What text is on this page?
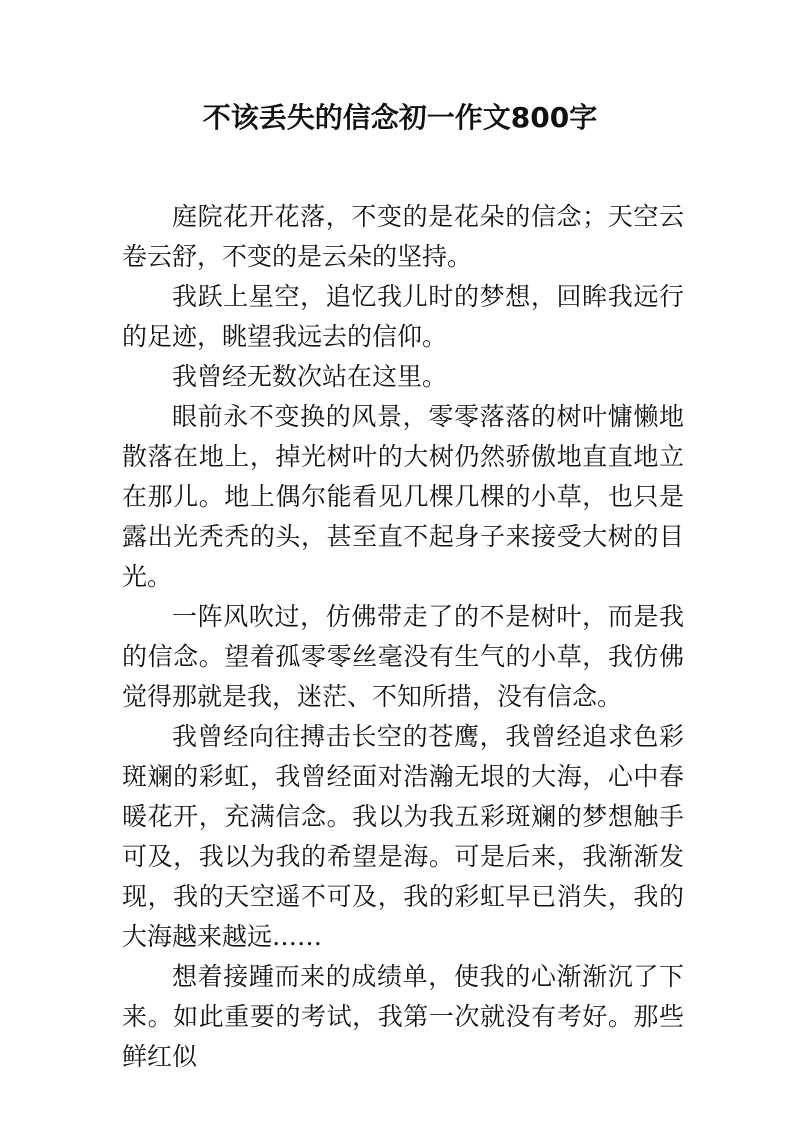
不该丢失的信念初一作文800字

庭院花开花落，不变的是花朵的信念；天空云卷云舒，不变的是云朵的坚持。

我跃上星空，追忆我儿时的梦想，回眸我远行的足迹，眺望我远去的信仰。

我曾经无数次站在这里。

眼前永不变换的风景，零零落落的树叶慵懒地散落在地上，掉光树叶的大树仍然骄傲地直直地立在那儿。地上偶尔能看见几棵几棵的小草，也只是露出光秃秃的头，甚至直不起身子来接受大树的目光。

一阵风吹过，仿佛带走了的不是树叶，而是我的信念。望着孤零零丝毫没有生气的小草，我仿佛觉得那就是我，迷茫、不知所措，没有信念。

我曾经向往搏击长空的苍鹰，我曾经追求色彩斑斓的彩虹，我曾经面对浩瀚无垠的大海，心中春暖花开，充满信念。我以为我五彩斑斓的梦想触手可及，我以为我的希望是海。可是后来，我渐渐发现，我的天空遥不可及，我的彩虹早已消失，我的大海越来越远……

想着接踵而来的成绩单，使我的心渐渐沉了下来。如此重要的考试，我第一次就没有考好。那些鲜红似
